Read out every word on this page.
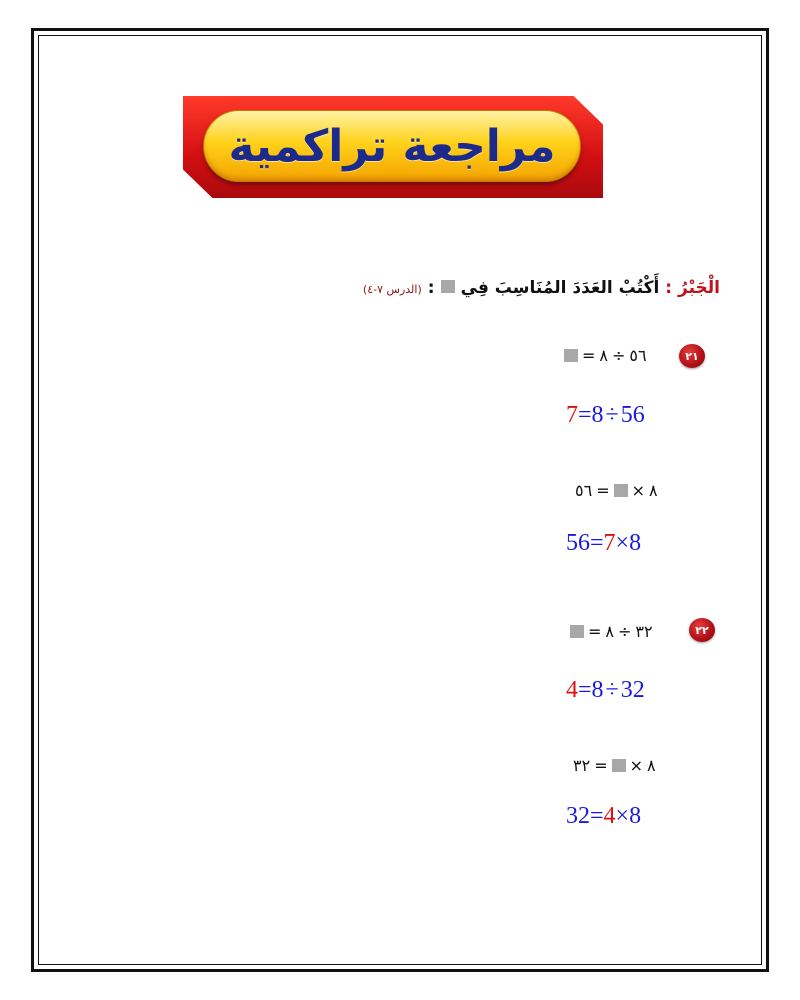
مراجعة تراكمية
الْجَبْرُ :
أَكْتُبْ العَدَدَ المُنَاسِبَ فِي
:
(الدرس ٧-٤)
٢١
= ٨ ÷ ٥٦
7=8÷56
٥٦ = × ٨
56=7×8
٢٢
= ٨ ÷ ٣٢
4=8÷32
٣٢ = × ٨
32=4×8
